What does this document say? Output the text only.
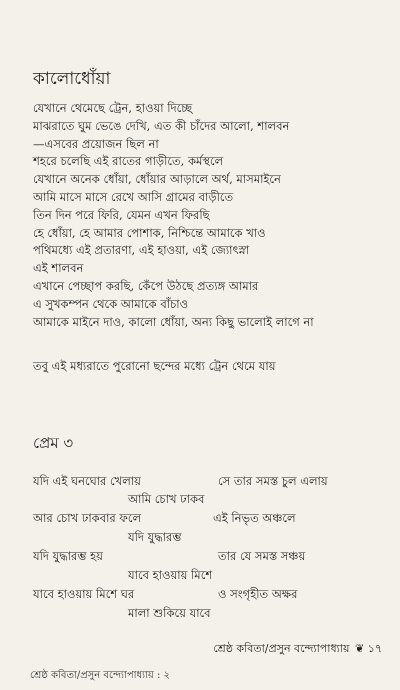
কালোধোঁয়া
যেখানে থেমেছে ট্রেন, হাওয়া দিচ্ছে
মাঝরাতে ঘুম ভেঙে দেখি, এত কী চাঁদের আলো, শালবন
—এসবের প্রয়োজন ছিল না
শহরে চলেছি এই রাতের গাড়ীতে, কর্মস্থলে
যেখানে অনেক ধোঁয়া, ধোঁয়ার আড়ালে অর্থ, মাসমাইনে
আমি মাসে মাসে রেখে আসি গ্রামের বাড়ীতে
তিন দিন পরে ফিরি, যেমন এখন ফিরছি
হে ধোঁয়া, হে আমার পোশাক, নিশ্চিন্তে আমাকে খাও
পথিমধ্যে এই প্রতারণা, এই হাওয়া, এই জ্যোৎস্না
এই শালবন
এখানে পেচ্ছাপ করছি, কেঁপে উঠছে প্রত্যঙ্গ আমার
এ সুখকম্পন থেকে আমাকে বাঁচাও
আমাকে মাইনে দাও, কালো ধোঁয়া, অন্য কিছু ভালোই লাগে না
তবু এই মধ্যরাতে পুরোনো ছন্দের মধ্যে ট্রেন থেমে যায়
প্রেম ৩
যদি এই ঘনঘোর খেলায়	সে তার সমস্ত চুল এলায়
আমি চোখ ঢাকব
আর চোখ ঢাকবার ফলে	এই নিভৃত অঞ্চলে
যদি যুদ্ধারম্ভ
যদি যুদ্ধারম্ভ হয়	তার যে সমস্ত সঞ্চয়
যাবে হাওয়ায় মিশে
যাবে হাওয়ায় মিশে ঘর	ও সংগৃহীত অক্ষর
মালা শুকিয়ে যাবে
শ্রেষ্ঠ কবিতা/প্রসুন বন্দ্যোপাধ্যায় ❦ ১৭
শ্রেষ্ঠ কবিতা/প্রসুন বন্দ্যোপাধ্যায় : ২
